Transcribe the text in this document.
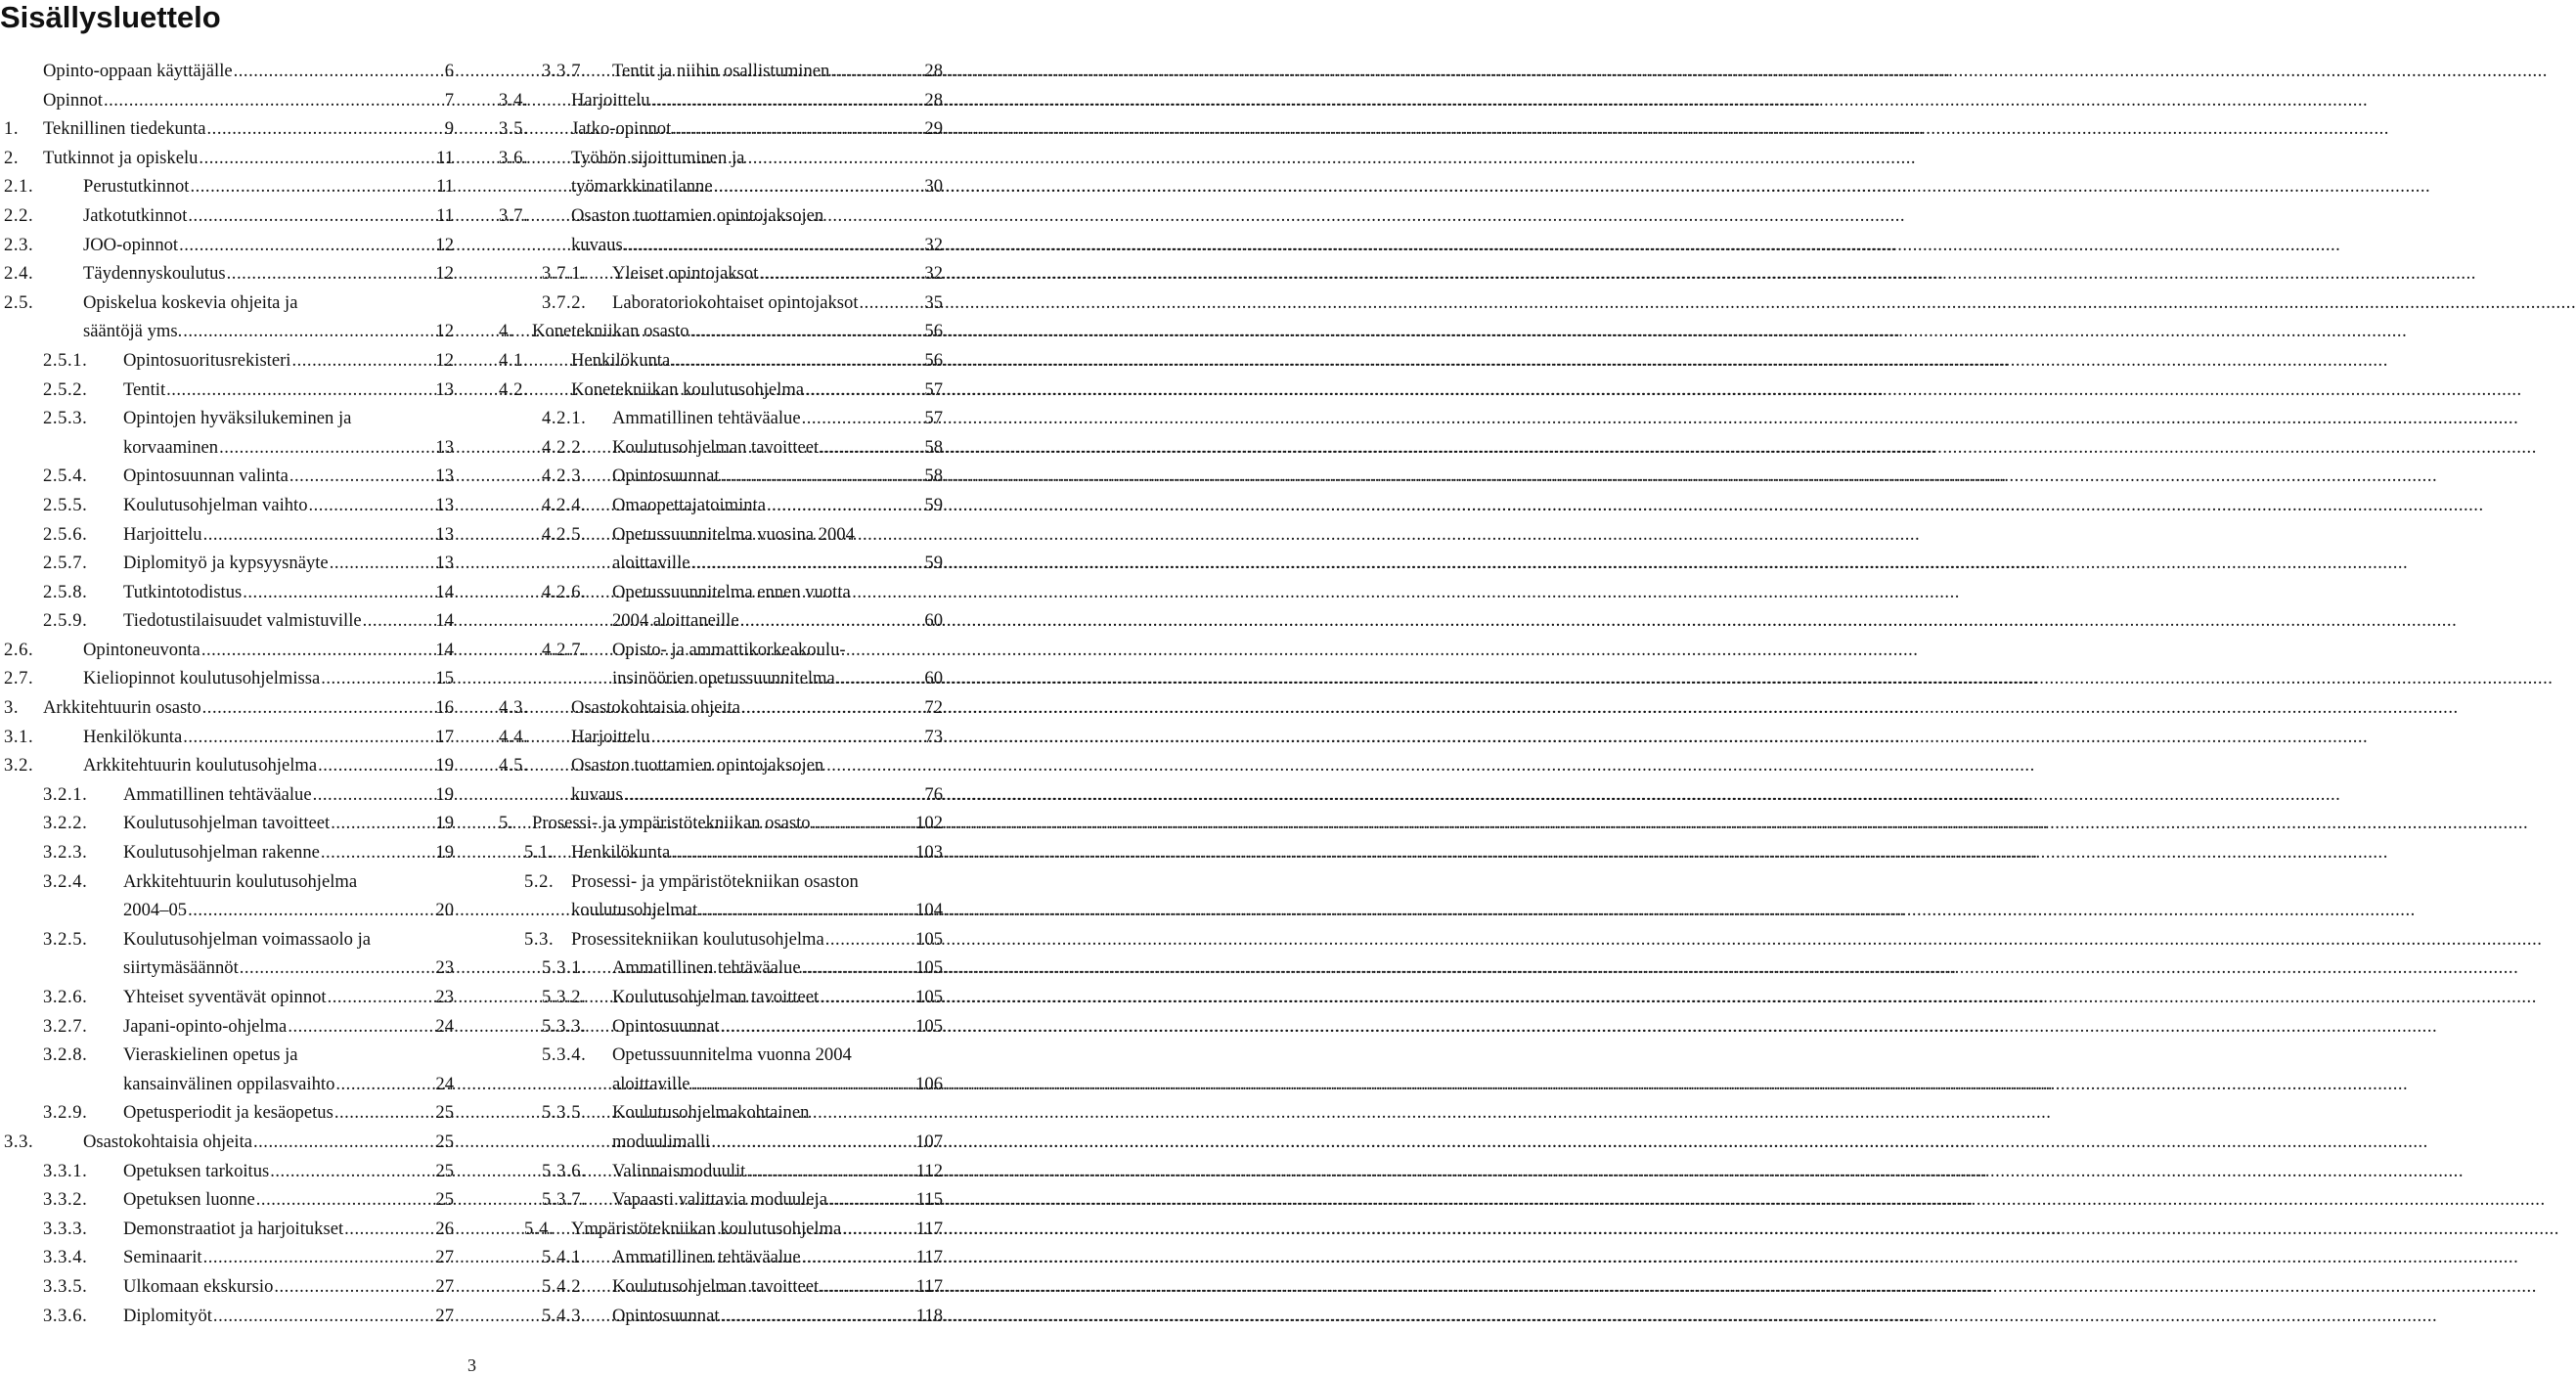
Sisällysluettelo
Opinto-oppaan käyttäjälle .....	6
Opinnot .....	7
1. Teknillinen tiedekunta .....	9
2. Tutkinnot ja opiskelu .....	11
2.1.	Perustutkinnot .....	11
2.2.	Jatkotutkinnot .....	11
2.3.	JOO-opinnot .....	12
2.4.	Täydennyskoulutus .....	12
2.5.	Opiskelua koskevia ohjeita ja
sääntöjä yms. .....	12
2.5.1. Opintosuoritusrekisteri .....	12
2.5.2. Tentit .....	13
2.5.3. Opintojen hyväksilukeminen ja
korvaaminen .....	13
2.5.4. Opintosuunnan valinta .....	13
2.5.5. Koulutusohjelman vaihto .....	13
2.5.6. Harjoittelu .....	13
2.5.7. Diplomityö ja kypsyysnäyte .....	13
2.5.8. Tutkintotodistus .....	14
2.5.9. Tiedotustilaisuudet valmistuville .....	14
2.6.	Opintoneuvonta .....	14
2.7.	Kieliopinnot koulutusohjelmissa .....	15
3. Arkkitehtuurin osasto .....	16
3.1.	Henkilökunta .....	17
3.2.	Arkkitehtuurin koulutusohjelma .....	19
3.2.1. Ammatillinen tehtäväalue .....	19
3.2.2. Koulutusohjelman tavoitteet .....	19
3.2.3. Koulutusohjelman rakenne .....	19
3.2.4. Arkkitehtuurin koulutusohjelma
2004–05 .....	20
3.2.5. Koulutusohjelman voimassaolo ja
siirtymäsäännöt .....	23
3.2.6. Yhteiset syventävät opinnot .....	23
3.2.7. Japani-opinto-ohjelma .....	24
3.2.8. Vieraskielinen opetus ja
kansainvälinen oppilasvaihto .....	24
3.2.9. Opetusperiodit ja kesäopetus .....	25
3.3.	Osastokohtaisia ohjeita .....	25
3.3.1. Opetuksen tarkoitus .....	25
3.3.2. Opetuksen luonne .....	25
3.3.3. Demonstraatiot ja harjoitukset .....	26
3.3.4. Seminaarit .....	27
3.3.5. Ulkomaan ekskursio .....	27
3.3.6. Diplomityöt .....	27
3.3.7. Tentit ja niihin osallistuminen .....	28
3.4. Harjoittelu .....	28
3.5. Jatko-opinnot .....	29
3.6. Työhön sijoittuminen ja
työmarkkinatilanne .....	30
3.7. Osaston tuottamien opintojaksojen
kuvaus .....	32
3.7.1. Yleiset opintojaksot .....	32
3.7.2. Laboratoriokohtaiset opintojaksot .....	35
4. Konetekniikan osasto .....	56
4.1. Henkilökunta .....	56
4.2. Konetekniikan koulutusohjelma .....	57
4.2.1. Ammatillinen tehtäväalue .....	57
4.2.2. Koulutusohjelman tavoitteet .....	58
4.2.3. Opintosuunnat .....	58
4.2.4. Omaopettajatoiminta .....	59
4.2.5. Opetussuunnitelma vuosina 2004
aloittaville .....	59
4.2.6. Opetussuunnitelma ennen vuotta
2004 aloittaneille .....	60
4.2.7. Opisto- ja ammattikorkeakoulu-
insinöörien opetussuunnitelma .....	60
4.3. Osastokohtaisia ohjeita .....	72
4.4. Harjoittelu .....	73
4.5. Osaston tuottamien opintojaksojen
kuvaus .....	76
5. Prosessi- ja ympäristötekniikan osasto .....	102
5.1. Henkilökunta .....	103
5.2. Prosessi- ja ympäristötekniikan osaston
koulutusohjelmat .....	104
5.3. Prosessitekniikan koulutusohjelma .....	105
5.3.1. Ammatillinen tehtäväalue .....	105
5.3.2. Koulutusohjelman tavoitteet .....	105
5.3.3. Opintosuunnat .....	105
5.3.4. Opetussuunnitelma vuonna 2004
aloittaville .....	106
5.3.5. Koulutusohjelmakohtainen
moduulimalli .....	107
5.3.6. Valinnaismoduulit .....	112
5.3.7. Vapaasti valittavia moduuleja .....	115
5.4. Ympäristötekniikan koulutusohjelma .....	117
5.4.1. Ammatillinen tehtäväalue .....	117
5.4.2. Koulutusohjelman tavoitteet .....	117
5.4.3. Opintosuunnat .....	118
3
